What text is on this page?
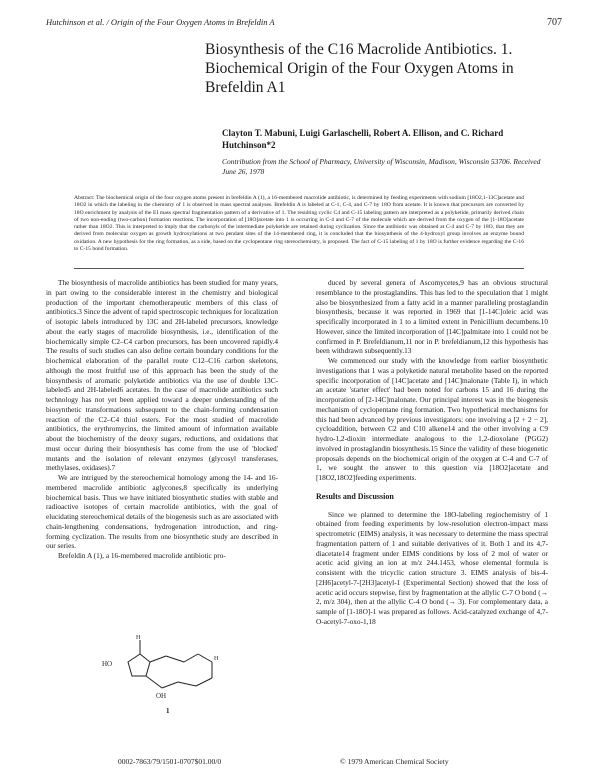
Hutchinson et al. / Origin of the Four Oxygen Atoms in Brefeldin A	707
Biosynthesis of the C16 Macrolide Antibiotics. 1. Biochemical Origin of the Four Oxygen Atoms in Brefeldin A1
Clayton T. Mabuni, Luigi Garlaschelli, Robert A. Ellison, and C. Richard Hutchinson*2
Contribution from the School of Pharmacy, University of Wisconsin, Madison, Wisconsin 53706. Received June 26, 1978
Abstract: The biochemical origin of the four oxygen atoms present in brefeldin A (1), a 16-membered macrolide antibiotic, is determined by feeding experiments with sodium [18O2,1-13C]acetate and 18O2 in which the labeling in the chemistry of 1 is observed in mass spectral analyses. Brefeldin A is labeled at C-1, C-4, and C-7 by 18O from acetate. It is known that precursors are converted by 18O enrichment by analysis of the EI mass spectral fragmentation pattern of a derivative of 1. The resulting cyclic C4 and C-15 labeling pattern are interpreted as a polyketide, primarily derived chain of two non-ending (two-carbon) formation reactions. The incorporation of [18O]acetate into 1 is occurring in C-4 and C-7 of the molecule which are derived from the oxygen of the [1-18O]acetate rather than 18O2. This is interpreted to imply that the carbonyls of the intermediate polyketide are retained during cyclization. Since the antibiotic was obtained at C-4 and C-7 by 18O, that they are derived from molecular oxygen as growth hydroxylations at two pendant sites of the 14-membered ring, it is concluded that the biosynthesis of the 4-hydroxyl group involves an enzyme bound oxidation. A new hypothesis for the ring formation, as a side, based on the cyclopentane ring stereochemistry, is proposed. The fact of C-15 labeling of 1 by 18O is further evidence regarding the C-16 to C-15 bond formation.

The biosynthesis of macrolide antibiotics has been studied for many years, in part owing to the considerable interest in the chemistry and biological production of the important chemotherapeutic members of this class of antibiotics.3 Since the advent of rapid spectroscopic techniques for localization of isotopic labels introduced by 13C and 2H-labeled precursors, knowledge about the early stages of macrolide biosynthesis, i.e., identification of the biochemically simple C2–C4 carbon precursors, has been uncovered rapidly.4 The results of such studies can also define certain boundary conditions for the biochemical elaboration of the parallel route C12–C16 carbon skeletons, although the most fruitful use of this approach has been the study of the biosynthesis of aromatic polyketide antibiotics via the use of double 13C-labeled5 and 2H-labeled6 acetates. In the case of macrolide antibiotics such technology has not yet been applied toward a deeper understanding of the biosynthetic transformations subsequent to the chain-forming condensation reaction of the C2–C4 thiol esters. For the most studied of macrolide antibiotics, the erythromycins, the limited amount of information available about the biochemistry of the deoxy sugars, reductions, and oxidations that must occur during their biosynthesis has come from the use of 'blocked' mutants and the isolation of relevant enzymes (glycosyl transferases, methylases, oxidases).7

We are intrigued by the stereochemical homology among the 14- and 16-membered macrolide antibiotic aglycones,8 specifically its underlying biochemical basis. Thus we have initiated biosynthetic studies with stable and radioactive isotopes of certain macrolide antibiotics, with the goal of elucidating stereochemical details of the biogenesis such as are associated with chain-lengthening condensations, hydrogenation introduction, and ring-forming cyclization. The results from one biosynthetic study are described in our series.

Brefeldin A (1), a 16-membered macrolide antibiotic pro-

HO
OH
H
H
1

duced by several genera of Ascomycetes,9 has an obvious structural resemblance to the prostaglandins. This has led to the speculation that 1 might also be biosynthesized from a fatty acid in a manner paralleling prostaglandin biosynthesis, because it was reported in 1969 that [1-14C]oleic acid was specifically incorporated in 1 to a limited extent in Penicillium decumbens.10 However, since the limited incorporation of [14C]palmitate into 1 could not be confirmed in P. Brefeldianum,11 nor in P. brefeldianum,12 this hypothesis has been withdrawn subsequently.13

We commenced our study with the knowledge from earlier biosynthetic investigations that 1 was a polyketide natural metabolite based on the reported specific incorporation of [14C]acetate and [14C]malonate (Table I), in which an acetate 'starter effect' had been noted for carbons 15 and 16 during the incorporation of [2-14C]malonate. Our principal interest was in the biogenesis mechanism of cyclopentane ring formation. Two hypothetical mechanisms for this had been advanced by previous investigators: one involving a [2 + 2 − 2], cycloaddition, between C2 and C10 alkene14 and the other involving a C9 hydro-1,2-dioxin intermediate analogous to the 1,2-dioxolane (PGG2) involved in prostaglandin biosynthesis.15 Since the validity of these biogenetic proposals depends on the biochemical origin of the oxygen at C-4 and C-7 of 1, we sought the answer to this question via [18O2]acetate and [18O2,18O2]feeding experiments.

Results and Discussion

Since we planned to determine the 18O-labeling regiochemistry of 1 obtained from feeding experiments by low-resolution electron-impact mass spectrometric (EIMS) analysis, it was necessary to determine the mass spectral fragmentation pattern of 1 and suitable derivatives of it. Both 1 and its 4,7-diacetate14 fragment under EIMS conditions by loss of 2 mol of water or acetic acid giving an ion at m/z 244.1453, whose elemental formula is consistent with the tricyclic cation structure 3. EIMS analysis of bis-4-[2H6]acetyl-7-[2H3]acetyl-1 (Experimental Section) showed that the loss of acetic acid occurs stepwise, first by fragmentation at the allylic C-7 O bond (→ 2, m/z 304), then at the allylic C-4 O bond (→ 3). For complementary data, a sample of [1-18O]-1 was prepared as follows. Acid-catalyzed exchange of 4,7-O-acetyl-7-oxo-1,18

0002-7863/79/1501-0707$01.00/0	© 1979 American Chemical Society
